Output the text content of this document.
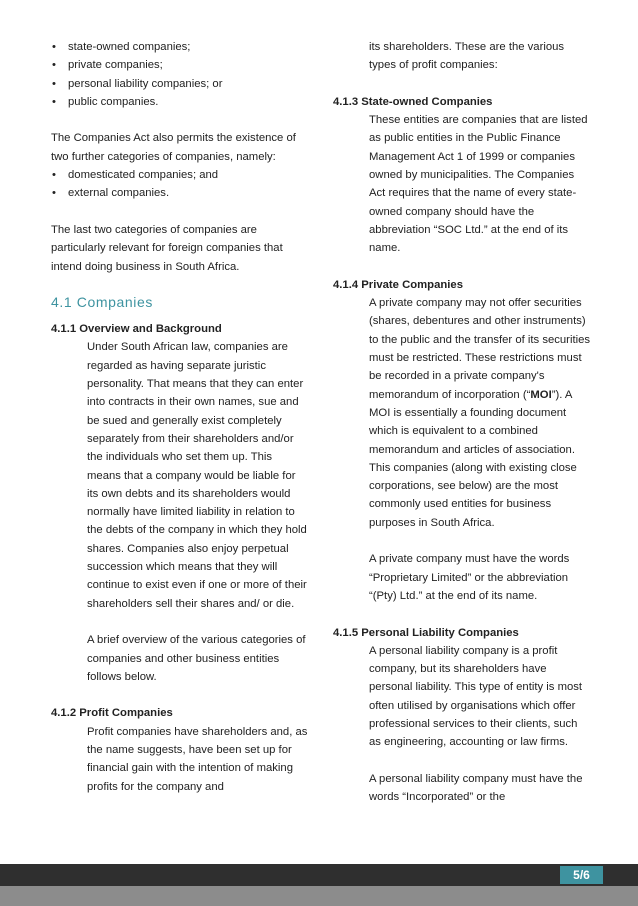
• state-owned companies;
• private companies;
• personal liability companies; or
• public companies.

The Companies Act also permits the existence of two further categories of companies, namely:

• domesticated companies; and
• external companies.

The last two categories of companies are particularly relevant for foreign companies that intend doing business in South Africa.

4.1 Companies
4.1.1 Overview and Background

Under South African law, companies are regarded as having separate juristic personality. That means that they can enter into contracts in their own names, sue and be sued and generally exist completely separately from their shareholders and/or the individuals who set them up. This means that a company would be liable for its own debts and its shareholders would normally have limited liability in relation to the debts of the company in which they hold shares. Companies also enjoy perpetual succession which means that they will continue to exist even if one or more of their shareholders sell their shares and/ or die.

A brief overview of the various categories of companies and other business entities follows below.

4.1.2 Profit Companies

Profit companies have shareholders and, as the name suggests, have been set up for financial gain with the intention of making profits for the company and

its shareholders. These are the various types of profit companies:

4.1.3 State-owned Companies

These entities are companies that are listed as public entities in the Public Finance Management Act 1 of 1999 or companies owned by municipalities. The Companies Act requires that the name of every state-owned company should have the abbreviation “SOC Ltd.” at the end of its name.

4.1.4 Private Companies

A private company may not offer securities (shares, debentures and other instruments) to the public and the transfer of its securities must be restricted. These restrictions must be recorded in a private company's memorandum of incorporation (“MOI”). A MOI is essentially a founding document which is equivalent to a combined memorandum and articles of association. This companies (along with existing close corporations, see below) are the most commonly used entities for business purposes in South Africa.

A private company must have the words “Proprietary Limited” or the abbreviation “(Pty) Ltd.” at the end of its name.

4.1.5 Personal Liability Companies

A personal liability company is a profit company, but its shareholders have personal liability. This type of entity is most often utilised by organisations which offer professional services to their clients, such as engineering, accounting or law firms.

A personal liability company must have the words “Incorporated” or the

5/6
